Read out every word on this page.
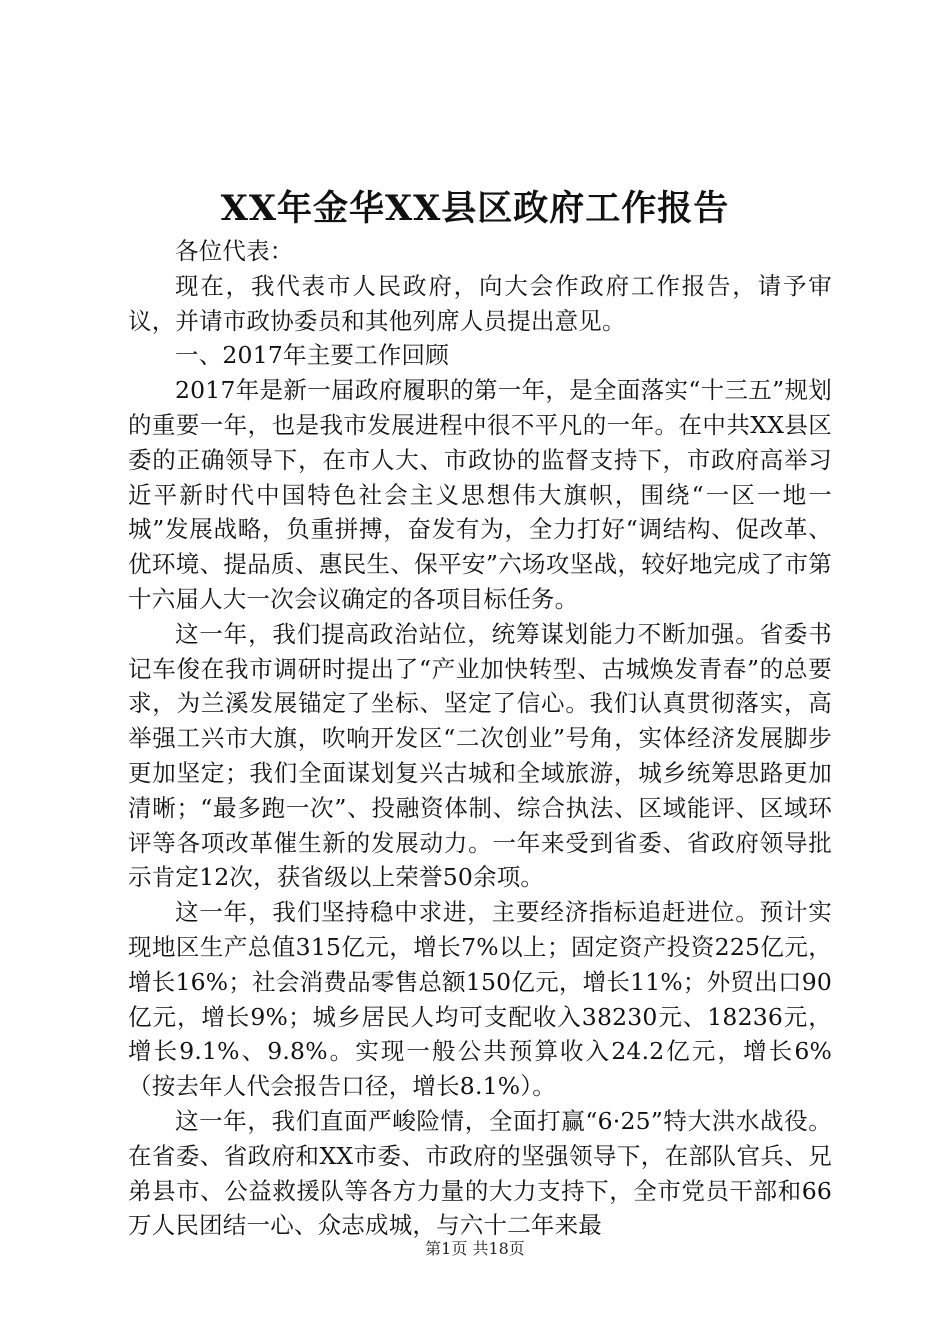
XX年金华XX县区政府工作报告

各位代表：

现在，我代表市人民政府，向大会作政府工作报告，请予审议，并请市政协委员和其他列席人员提出意见。

一、2017年主要工作回顾

2017年是新一届政府履职的第一年，是全面落实“十三五”规划的重要一年，也是我市发展进程中很不平凡的一年。在中共XX县区委的正确领导下，在市人大、市政协的监督支持下，市政府高举习近平新时代中国特色社会主义思想伟大旗帜，围绕“一区一地一城”发展战略，负重拼搏，奋发有为，全力打好“调结构、促改革、优环境、提品质、惠民生、保平安”六场攻坚战，较好地完成了市第十六届人大一次会议确定的各项目标任务。

这一年，我们提高政治站位，统筹谋划能力不断加强。省委书记车俊在我市调研时提出了“产业加快转型、古城焕发青春”的总要求，为兰溪发展锚定了坐标、坚定了信心。我们认真贯彻落实，高举强工兴市大旗，吹响开发区“二次创业”号角，实体经济发展脚步更加坚定；我们全面谋划复兴古城和全域旅游，城乡统筹思路更加清晰；“最多跑一次”、投融资体制、综合执法、区域能评、区域环评等各项改革催生新的发展动力。一年来受到省委、省政府领导批示肯定12次，获省级以上荣誉50余项。

这一年，我们坚持稳中求进，主要经济指标追赶进位。预计实现地区生产总值315亿元，增长7%以上；固定资产投资225亿元，增长16%；社会消费品零售总额150亿元，增长11%；外贸出口90亿元，增长9%；城乡居民人均可支配收入38230元、18236元，增长9.1%、9.8%。实现一般公共预算收入24.2亿元，增长6%（按去年人代会报告口径，增长8.1%）。

这一年，我们直面严峻险情，全面打赢“6·25”特大洪水战役。在省委、省政府和XX市委、市政府的坚强领导下，在部队官兵、兄弟县市、公益救援队等各方力量的大力支持下，全市党员干部和66万人民团结一心、众志成城，与六十二年来最

第1页 共18页
